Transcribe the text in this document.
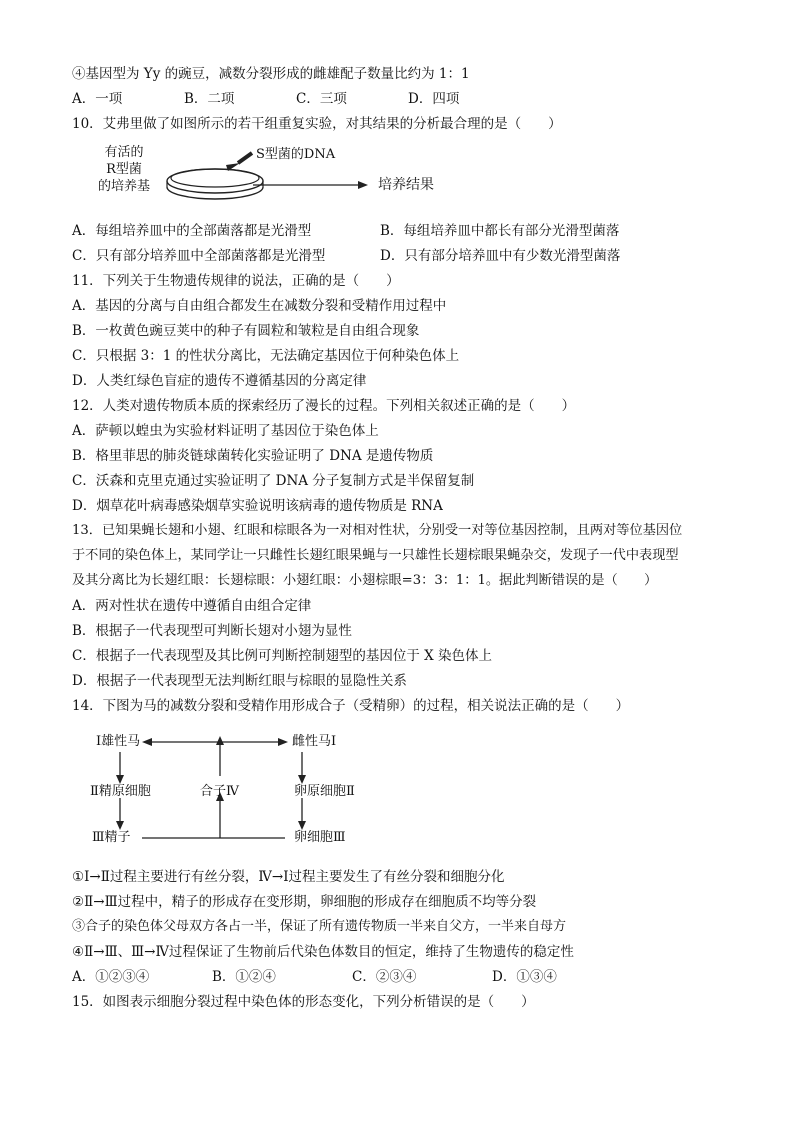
④基因型为 Yy 的豌豆，减数分裂形成的雌雄配子数量比约为 1：1
A．一项	B．二项	C．三项	D．四项
10．艾弗里做了如图所示的若干组重复实验，对其结果的分析最合理的是（　　）
有活的
R型菌
的培养基
S型菌的DNA
培养结果
A．每组培养皿中的全部菌落都是光滑型	B．每组培养皿中都长有部分光滑型菌落
C．只有部分培养皿中全部菌落都是光滑型	D．只有部分培养皿中有少数光滑型菌落
11．下列关于生物遗传规律的说法，正确的是（　　）
A．基因的分离与自由组合都发生在减数分裂和受精作用过程中
B．一枚黄色豌豆荚中的种子有圆粒和皱粒是自由组合现象
C．只根据 3：1 的性状分离比，无法确定基因位于何种染色体上
D．人类红绿色盲症的遗传不遵循基因的分离定律
12．人类对遗传物质本质的探索经历了漫长的过程。下列相关叙述正确的是（　　）
A．萨顿以蝗虫为实验材料证明了基因位于染色体上
B．格里菲思的肺炎链球菌转化实验证明了 DNA 是遗传物质
C．沃森和克里克通过实验证明了 DNA 分子复制方式是半保留复制
D．烟草花叶病毒感染烟草实验说明该病毒的遗传物质是 RNA
13．已知果蝇长翅和小翅、红眼和棕眼各为一对相对性状，分别受一对等位基因控制，且两对等位基因位
于不同的染色体上，某同学让一只雌性长翅红眼果蝇与一只雄性长翅棕眼果蝇杂交，发现子一代中表现型
及其分离比为长翅红眼：长翅棕眼：小翅红眼：小翅棕眼=3：3：1：1。据此判断错误的是（　　）
A．两对性状在遗传中遵循自由组合定律
B．根据子一代表现型可判断长翅对小翅为显性
C．根据子一代表现型及其比例可判断控制翅型的基因位于 X 染色体上
D．根据子一代表现型无法判断红眼与棕眼的显隐性关系
14．下图为马的减数分裂和受精作用形成合子（受精卵）的过程，相关说法正确的是（　　）
Ⅰ雄性马	雌性马Ⅰ
Ⅱ精原细胞	合子Ⅳ	卵原细胞Ⅱ
Ⅲ精子	卵细胞Ⅲ
①Ⅰ→Ⅱ过程主要进行有丝分裂，Ⅳ→Ⅰ过程主要发生了有丝分裂和细胞分化
②Ⅱ→Ⅲ过程中，精子的形成存在变形期，卵细胞的形成存在细胞质不均等分裂
③合子的染色体父母双方各占一半，保证了所有遗传物质一半来自父方，一半来自母方
④Ⅱ→Ⅲ、Ⅲ→Ⅳ过程保证了生物前后代染色体数目的恒定，维持了生物遗传的稳定性
A．①②③④	B．①②④	C．②③④	D．①③④
15．如图表示细胞分裂过程中染色体的形态变化，下列分析错误的是（　　）
